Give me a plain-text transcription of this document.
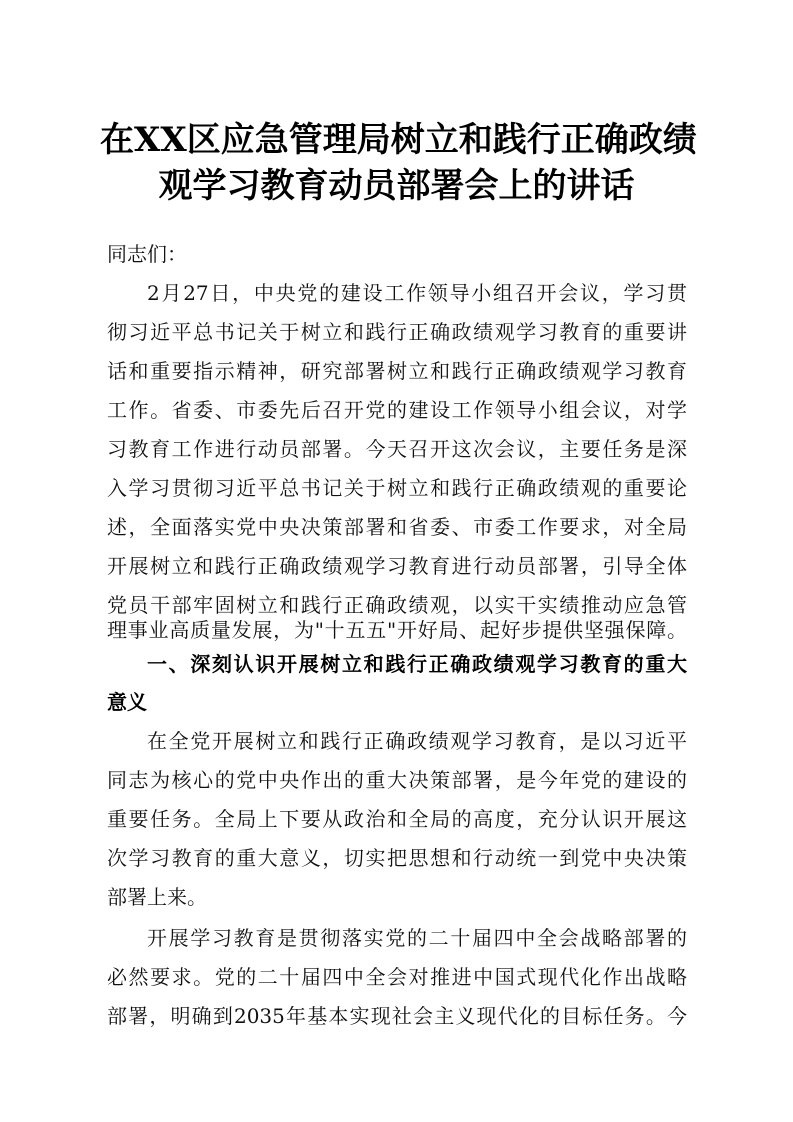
在XX区应急管理局树立和践行正确政绩
观学习教育动员部署会上的讲话
同志们：
2月27日，中央党的建设工作领导小组召开会议，学习贯
彻习近平总书记关于树立和践行正确政绩观学习教育的重要讲
话和重要指示精神，研究部署树立和践行正确政绩观学习教育
工作。省委、市委先后召开党的建设工作领导小组会议，对学
习教育工作进行动员部署。今天召开这次会议，主要任务是深
入学习贯彻习近平总书记关于树立和践行正确政绩观的重要论
述，全面落实党中央决策部署和省委、市委工作要求，对全局
开展树立和践行正确政绩观学习教育进行动员部署，引导全体
党员干部牢固树立和践行正确政绩观，以实干实绩推动应急管
理事业高质量发展，为"十五五"开好局、起好步提供坚强保障。
一、深刻认识开展树立和践行正确政绩观学习教育的重大
意义
在全党开展树立和践行正确政绩观学习教育，是以习近平
同志为核心的党中央作出的重大决策部署，是今年党的建设的
重要任务。全局上下要从政治和全局的高度，充分认识开展这
次学习教育的重大意义，切实把思想和行动统一到党中央决策
部署上来。
开展学习教育是贯彻落实党的二十届四中全会战略部署的
必然要求。党的二十届四中全会对推进中国式现代化作出战略
部署，明确到2035年基本实现社会主义现代化的目标任务。今
